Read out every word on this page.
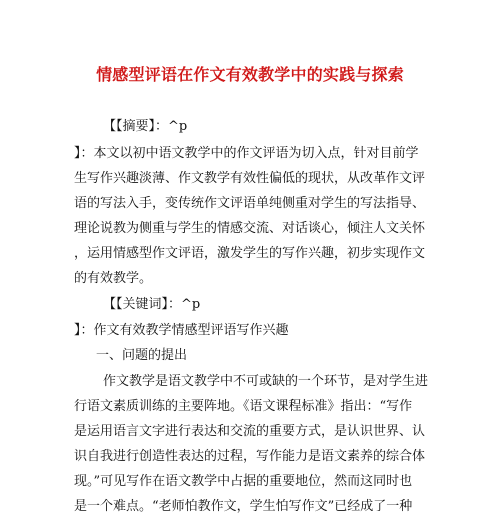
情感型评语在作文有效教学中的实践与探索
【【摘要】：^p
】：本文以初中语文教学中的作文评语为切入点，针对目前学
生写作兴趣淡薄、作文教学有效性偏低的现状，从改革作文评
语的写法入手，变传统作文评语单纯侧重对学生的写法指导、
理论说教为侧重与学生的情感交流、对话谈心，倾注人文关怀
，运用情感型作文评语，激发学生的写作兴趣，初步实现作文
的有效教学。
【【关键词】：^p
】：作文有效教学情感型评语写作兴趣
一、问题的提出
作文教学是语文教学中不可或缺的一个环节，是对学生进
行语文素质训练的主要阵地。《语文课程标准》指出：“写作
是运用语言文字进行表达和交流的重要方式，是认识世界、认
识自我进行创造性表达的过程，写作能力是语文素养的综合体
现。”可见写作在语文教学中占据的重要地位，然而这同时也
是一个难点。“老师怕教作文，学生怕写作文”已经成了一种
